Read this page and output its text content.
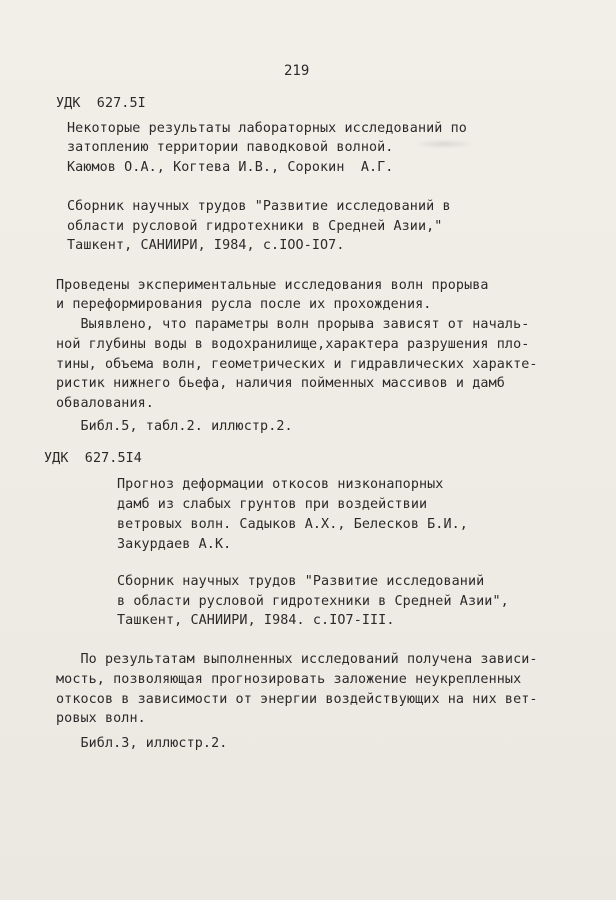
219
УДК  627.5I
Некоторые результаты лабораторных исследований по
затоплению территории паводковой волной.
Каюмов О.А., Когтева И.В., Сорокин  А.Г.
Сборник научных трудов "Развитие исследований в
области русловой гидротехники в Средней Азии,"
Ташкент, САНИИРИ, I984, с.IOO-IO7.
Проведены экспериментальные исследования волн прорыва
и переформирования русла после их прохождения.
Выявлено, что параметры волн прорыва зависят от началь-
ной глубины воды в водохранилище,характера разрушения пло-
тины, объема волн, геометрических и гидравлических характе-
ристик нижнего бьефа, наличия пойменных массивов и дамб
обвалования.
Библ.5, табл.2. иллюстр.2.
УДК  627.5I4
Прогноз деформации откосов низконапорных
дамб из слабых грунтов при воздействии
ветровых волн. Садыков А.Х., Белесков Б.И.,
Закурдаев А.К.
Сборник научных трудов "Развитие исследований
в области русловой гидротехники в Средней Азии",
Ташкент, САНИИРИ, I984. с.IO7-III.
По результатам выполненных исследований получена зависи-
мость, позволяющая прогнозировать заложение неукрепленных
откосов в зависимости от энергии воздействующих на них вет-
ровых волн.
Библ.3, иллюстр.2.
